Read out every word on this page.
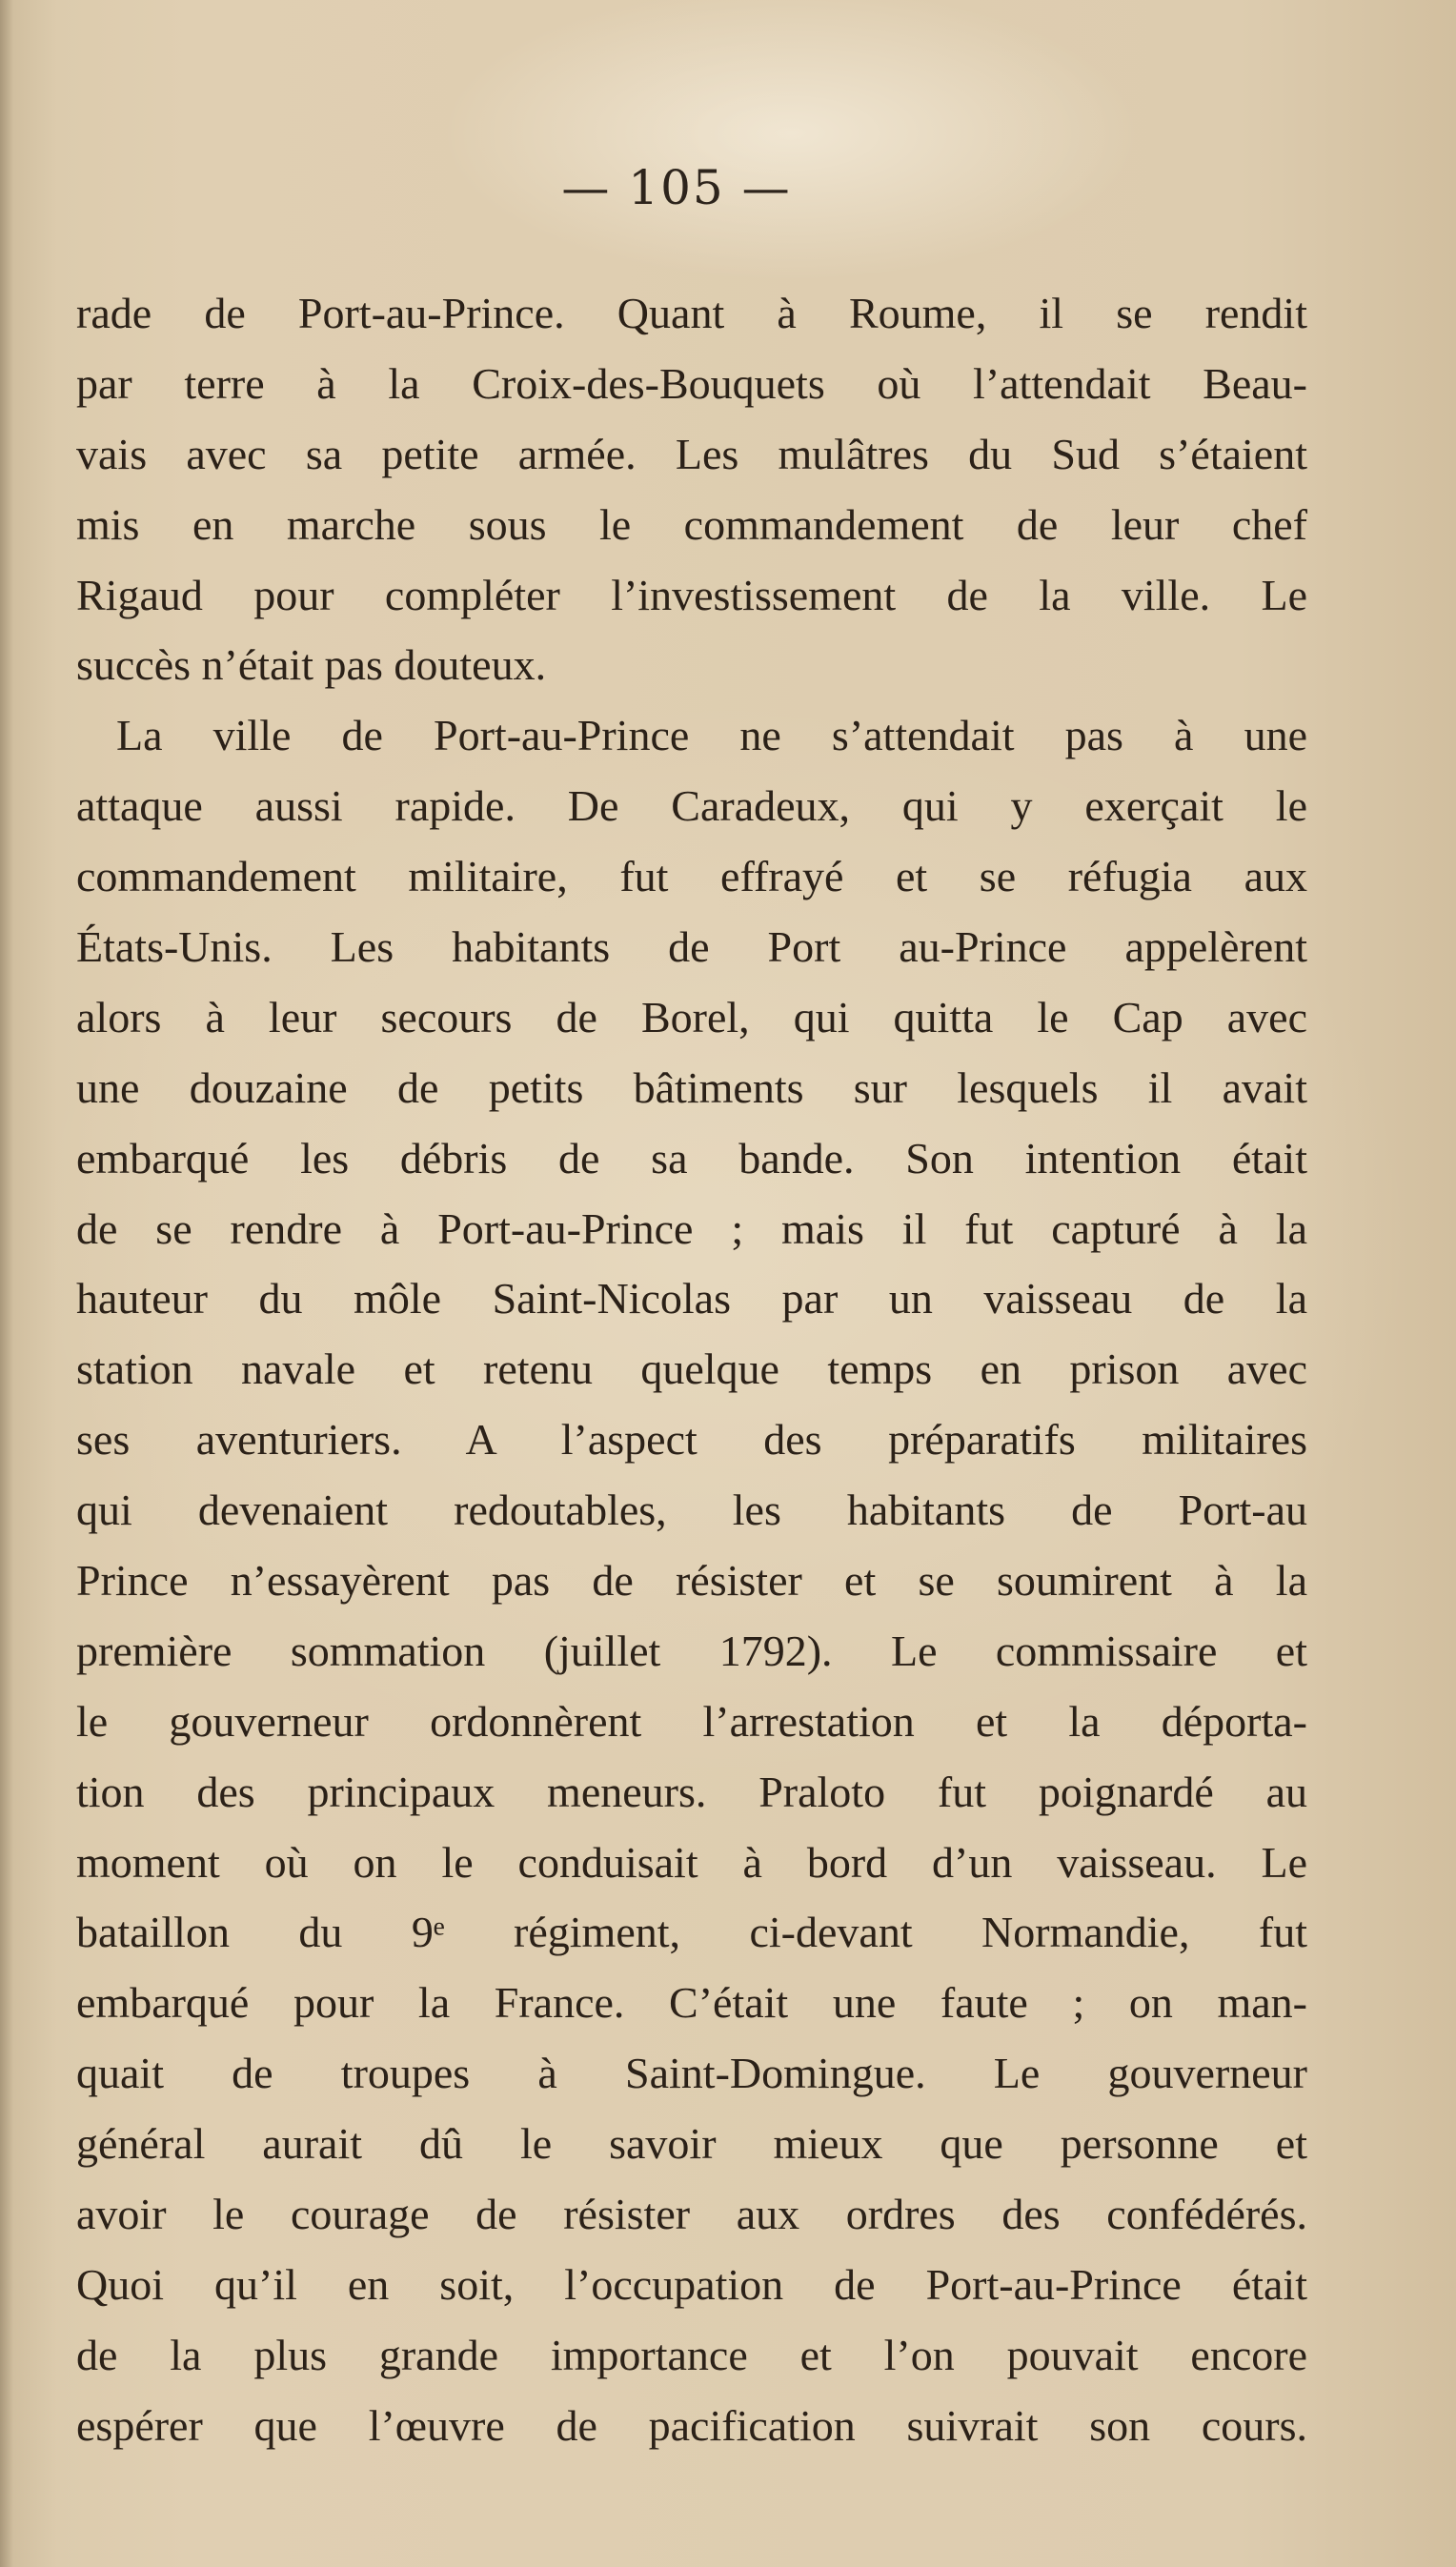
— 105 —
rade de Port-au-Prince. Quant à Roume, il se rendit
par terre à la Croix-des-Bouquets où l’attendait Beau-
vais avec sa petite armée. Les mulâtres du Sud s’étaient
mis en marche sous le commandement de leur chef
Rigaud pour compléter l’investissement de la ville. Le
succès n’était pas douteux.
La ville de Port-au-Prince ne s’attendait pas à une
attaque aussi rapide. De Caradeux, qui y exerçait le
commandement militaire, fut effrayé et se réfugia aux
États-Unis. Les habitants de Port au-Prince appelèrent
alors à leur secours de Borel, qui quitta le Cap avec
une douzaine de petits bâtiments sur lesquels il avait
embarqué les débris de sa bande. Son intention était
de se rendre à Port-au-Prince ; mais il fut capturé à la
hauteur du môle Saint-Nicolas par un vaisseau de la
station navale et retenu quelque temps en prison avec
ses aventuriers. A l’aspect des préparatifs militaires
qui devenaient redoutables, les habitants de Port-au
Prince n’essayèrent pas de résister et se soumirent à la
première sommation (juillet 1792). Le commissaire et
le gouverneur ordonnèrent l’arrestation et la déporta-
tion des principaux meneurs. Praloto fut poignardé au
moment où on le conduisait à bord d’un vaisseau. Le
bataillon du 9ᵉ régiment, ci-devant Normandie, fut
embarqué pour la France. C’était une faute ; on man-
quait de troupes à Saint-Domingue. Le gouverneur
général aurait dû le savoir mieux que personne et
avoir le courage de résister aux ordres des confédérés.
Quoi qu’il en soit, l’occupation de Port-au-Prince était
de la plus grande importance et l’on pouvait encore
espérer que l’œuvre de pacification suivrait son cours.
